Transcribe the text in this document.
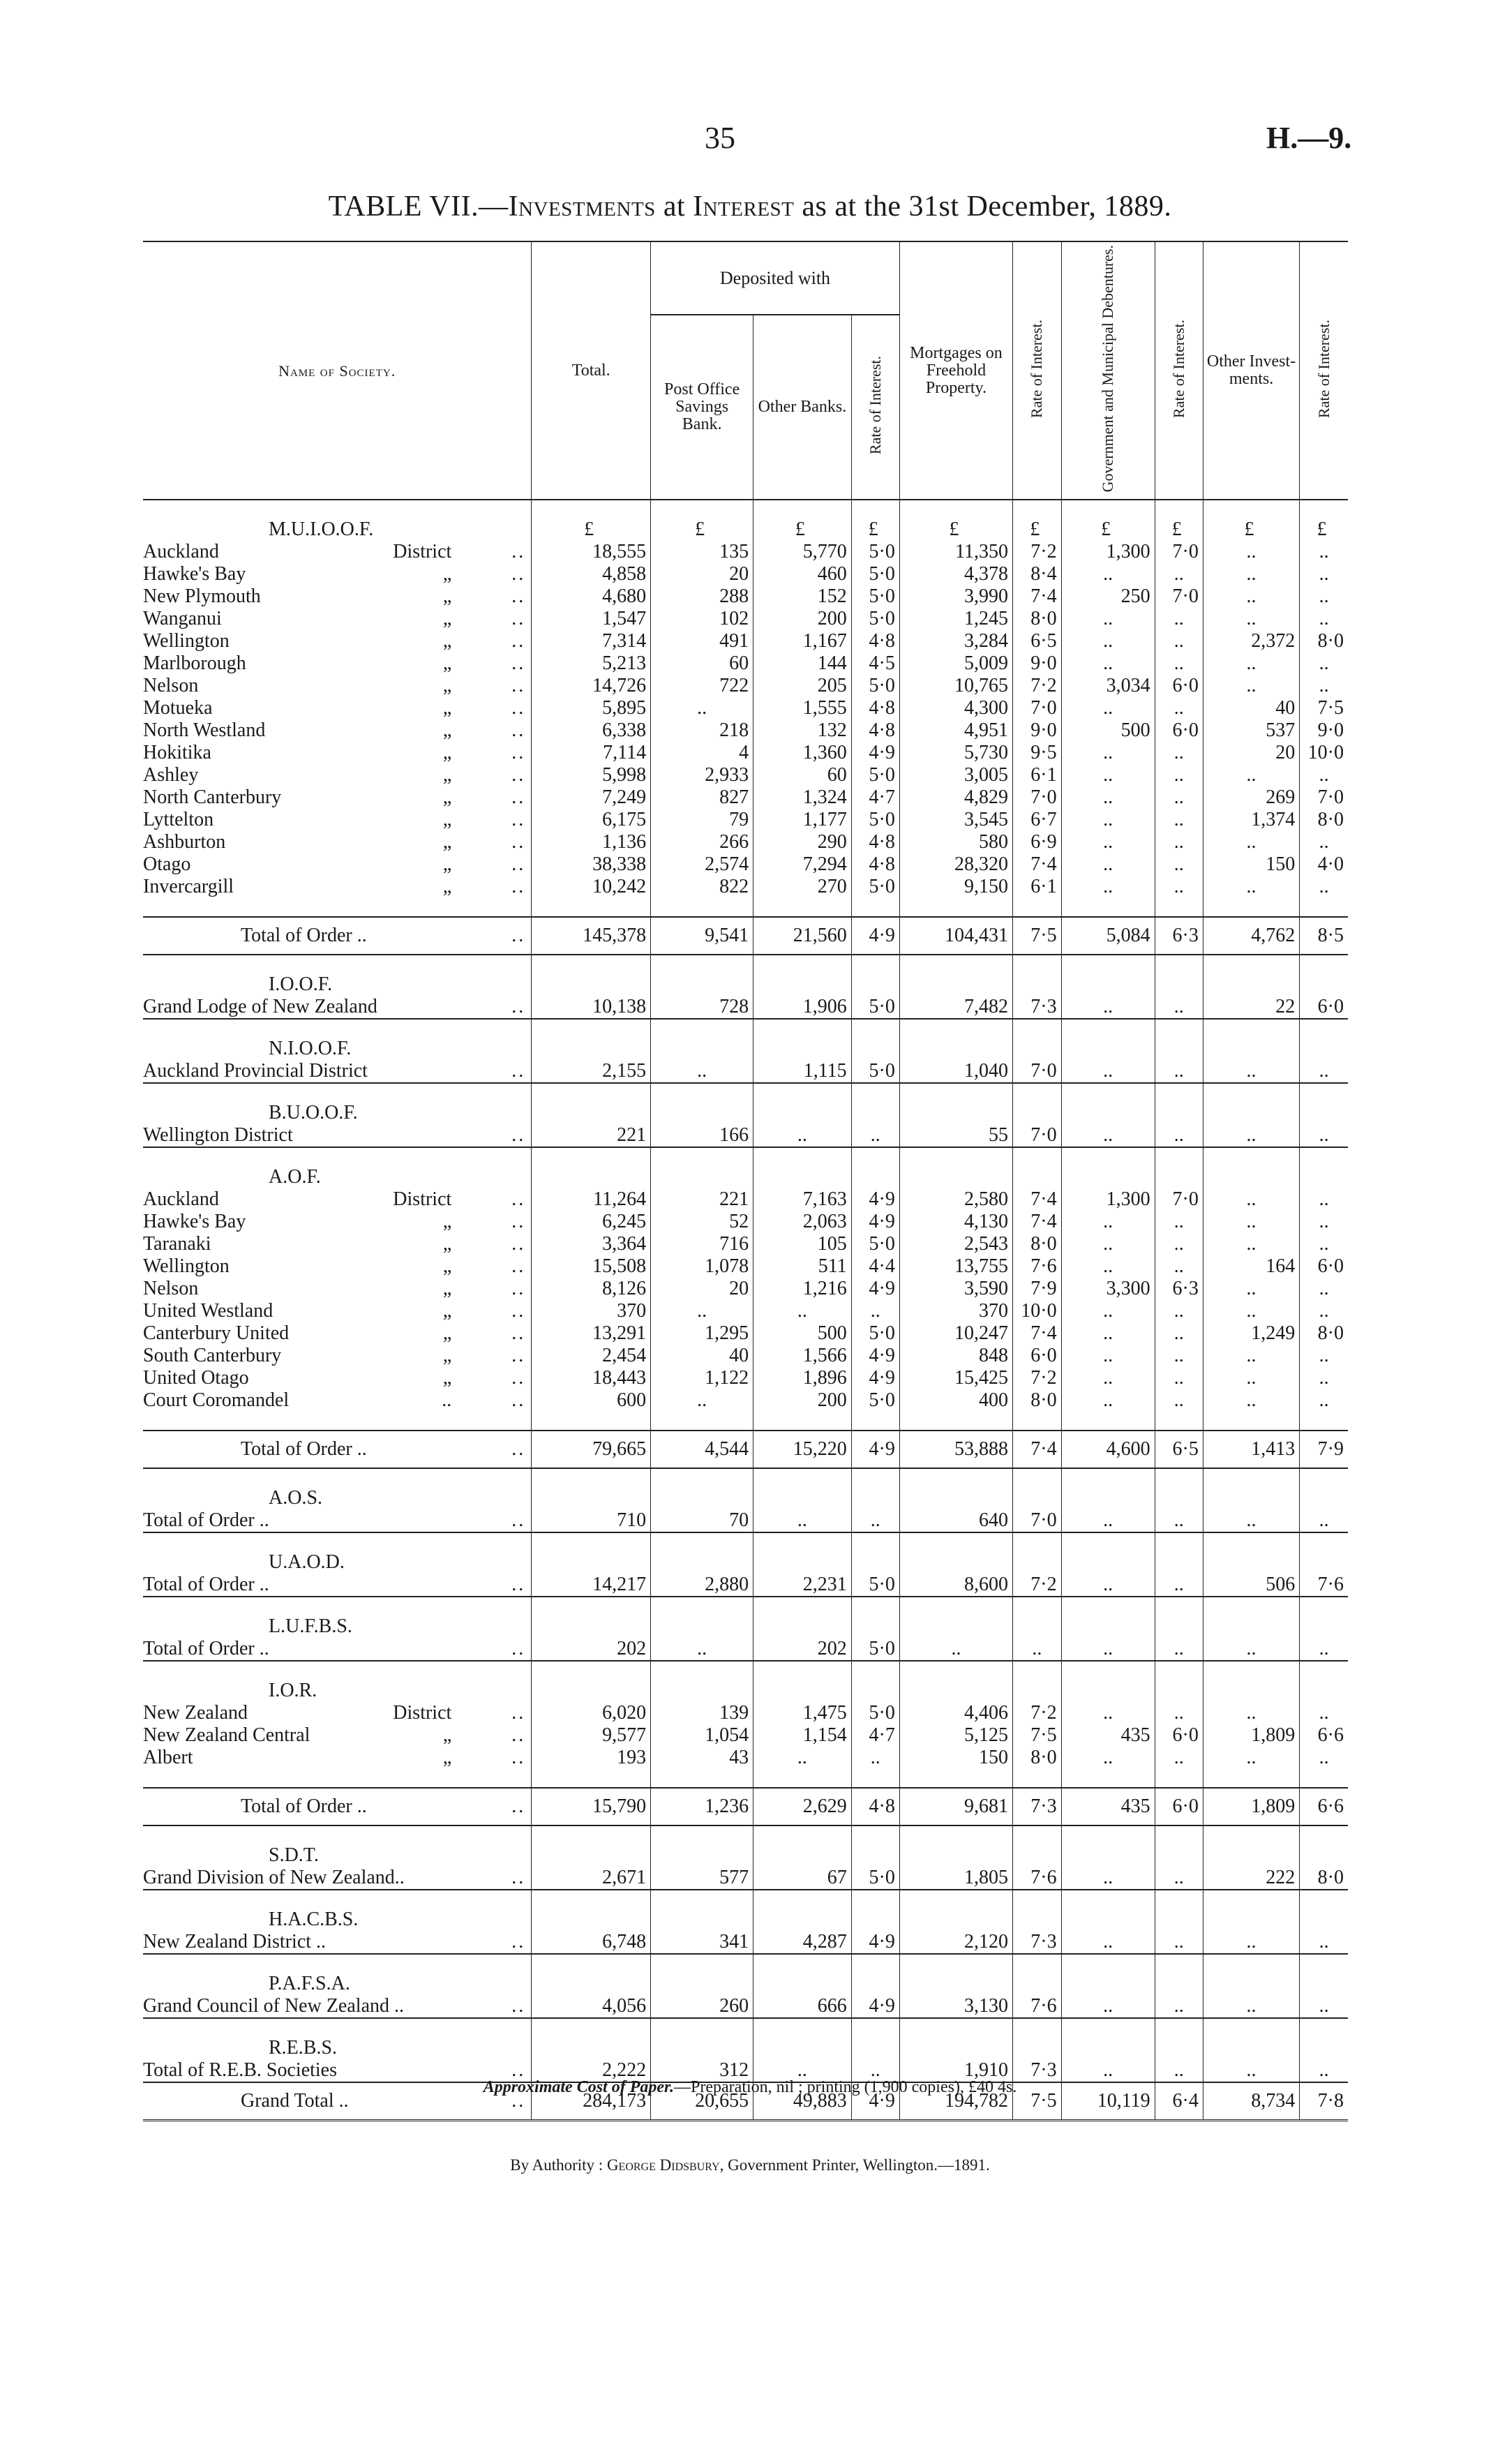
35	H.—9.
TABLE VII.—Investments at Interest as at the 31st December, 1889.
Name of Society.	Total.	Deposited with			Mortgages on Freehold Property.	Rate of Interest.	Government and Municipal Debentures.	Rate of Interest.	Other Invest-ments.	Rate of Interest.
		Post Office Savings Bank.	Other Banks.	Rate of Interest.						

M.U.I.O.O.F.	£	£	£	£	£	£	£	£	£	£
Auckland ..
District	18,555	135	5,770	5·0	11,350	7·2	1,300	7·0	..	..
Hawke's Bay ..
„	4,858	20	460	5·0	4,378	8·4	..	..	..	..
New Plymouth ..
„	4,680	288	152	5·0	3,990	7·4	250	7·0	..	..
Wanganui ..
„	1,547	102	200	5·0	1,245	8·0	..	..	..	..
Wellington ..
„	7,314	491	1,167	4·8	3,284	6·5	..	..	2,372	8·0
Marlborough ..
„	5,213	60	144	4·5	5,009	9·0	..	..	..	..
Nelson ..
„	14,726	722	205	5·0	10,765	7·2	3,034	6·0	..	..
Motueka ..
„	5,895	..	1,555	4·8	4,300	7·0	..	..	40	7·5
North Westland ..
„	6,338	218	132	4·8	4,951	9·0	500	6·0	537	9·0
Hokitika ..
„	7,114	4	1,360	4·9	5,730	9·5	..	..	20	10·0
Ashley ..
„	5,998	2,933	60	5·0	3,005	6·1	..	..	..	..
North Canterbury ..
„	7,249	827	1,324	4·7	4,829	7·0	..	..	269	7·0
Lyttelton ..
„	6,175	79	1,177	5·0	3,545	6·7	..	..	1,374	8·0
Ashburton ..
„	1,136	266	290	4·8	580	6·9	..	..	..	..
Otago ..
„	38,338	2,574	7,294	4·8	28,320	7·4	..	..	150	4·0
Invercargill ..
„	10,242	822	270	5·0	9,150	6·1	..	..	..	..

Total of Order .. ..	145,378	9,541	21,560	4·9	104,431	7·5	5,084	6·3	4,762	8·5

I.O.O.F.										
Grand Lodge of New Zealand ..	10,138	728	1,906	5·0	7,482	7·3	..	..	22	6·0

N.I.O.O.F.										
Auckland Provincial District ..	2,155	..	1,115	5·0	1,040	7·0	..	..	..	..

B.U.O.O.F.										
Wellington District ..	221	166	..	..	55	7·0	..	..	..	..

A.O.F.										
Auckland ..
District	11,264	221	7,163	4·9	2,580	7·4	1,300	7·0	..	..
Hawke's Bay ..
„	6,245	52	2,063	4·9	4,130	7·4	..	..	..	..
Taranaki ..
„	3,364	716	105	5·0	2,543	8·0	..	..	..	..
Wellington ..
„	15,508	1,078	511	4·4	13,755	7·6	..	..	164	6·0
Nelson ..
„	8,126	20	1,216	4·9	3,590	7·9	3,300	6·3	..	..
United Westland ..
„	370	..	..	..	370	10·0	..	..	..	..
Canterbury United ..
„	13,291	1,295	500	5·0	10,247	7·4	..	..	1,249	8·0
South Canterbury ..
„	2,454	40	1,566	4·9	848	6·0	..	..	..	..
United Otago ..
„	18,443	1,122	1,896	4·9	15,425	7·2	..	..	..	..
Court Coromandel ..
..	600	..	200	5·0	400	8·0	..	..	..	..

Total of Order .. ..	79,665	4,544	15,220	4·9	53,888	7·4	4,600	6·5	1,413	7·9

A.O.S.										
Total of Order .. ..	710	70	..	..	640	7·0	..	..	..	..

U.A.O.D.										
Total of Order .. ..	14,217	2,880	2,231	5·0	8,600	7·2	..	..	506	7·6

L.U.F.B.S.										
Total of Order .. ..	202	..	202	5·0	..	..	..	..	..	..

I.O.R.										
New Zealand ..
District	6,020	139	1,475	5·0	4,406	7·2	..	..	..	..
New Zealand Central ..
„	9,577	1,054	1,154	4·7	5,125	7·5	435	6·0	1,809	6·6
Albert ..
„	193	43	..	..	150	8·0	..	..	..	..

Total of Order .. ..	15,790	1,236	2,629	4·8	9,681	7·3	435	6·0	1,809	6·6

S.D.T.										
Grand Division of New Zealand.. ..	2,671	577	67	5·0	1,805	7·6	..	..	222	8·0

H.A.C.B.S.										
New Zealand District .. ..	6,748	341	4,287	4·9	2,120	7·3	..	..	..	..

P.A.F.S.A.										
Grand Council of New Zealand .. ..	4,056	260	666	4·9	3,130	7·6	..	..	..	..

R.E.B.S.										
Total of R.E.B. Societies ..	2,222	312	..	..	1,910	7·3	..	..	..	..
Grand Total .. ..	284,173	20,655	49,883	4·9	194,782	7·5	10,119	6·4	8,734	7·8
Approximate Cost of Paper.—Preparation, nil ; printing (1,900 copies), £40 4s.
By Authority : George Didsbury, Government Printer, Wellington.—1891.
